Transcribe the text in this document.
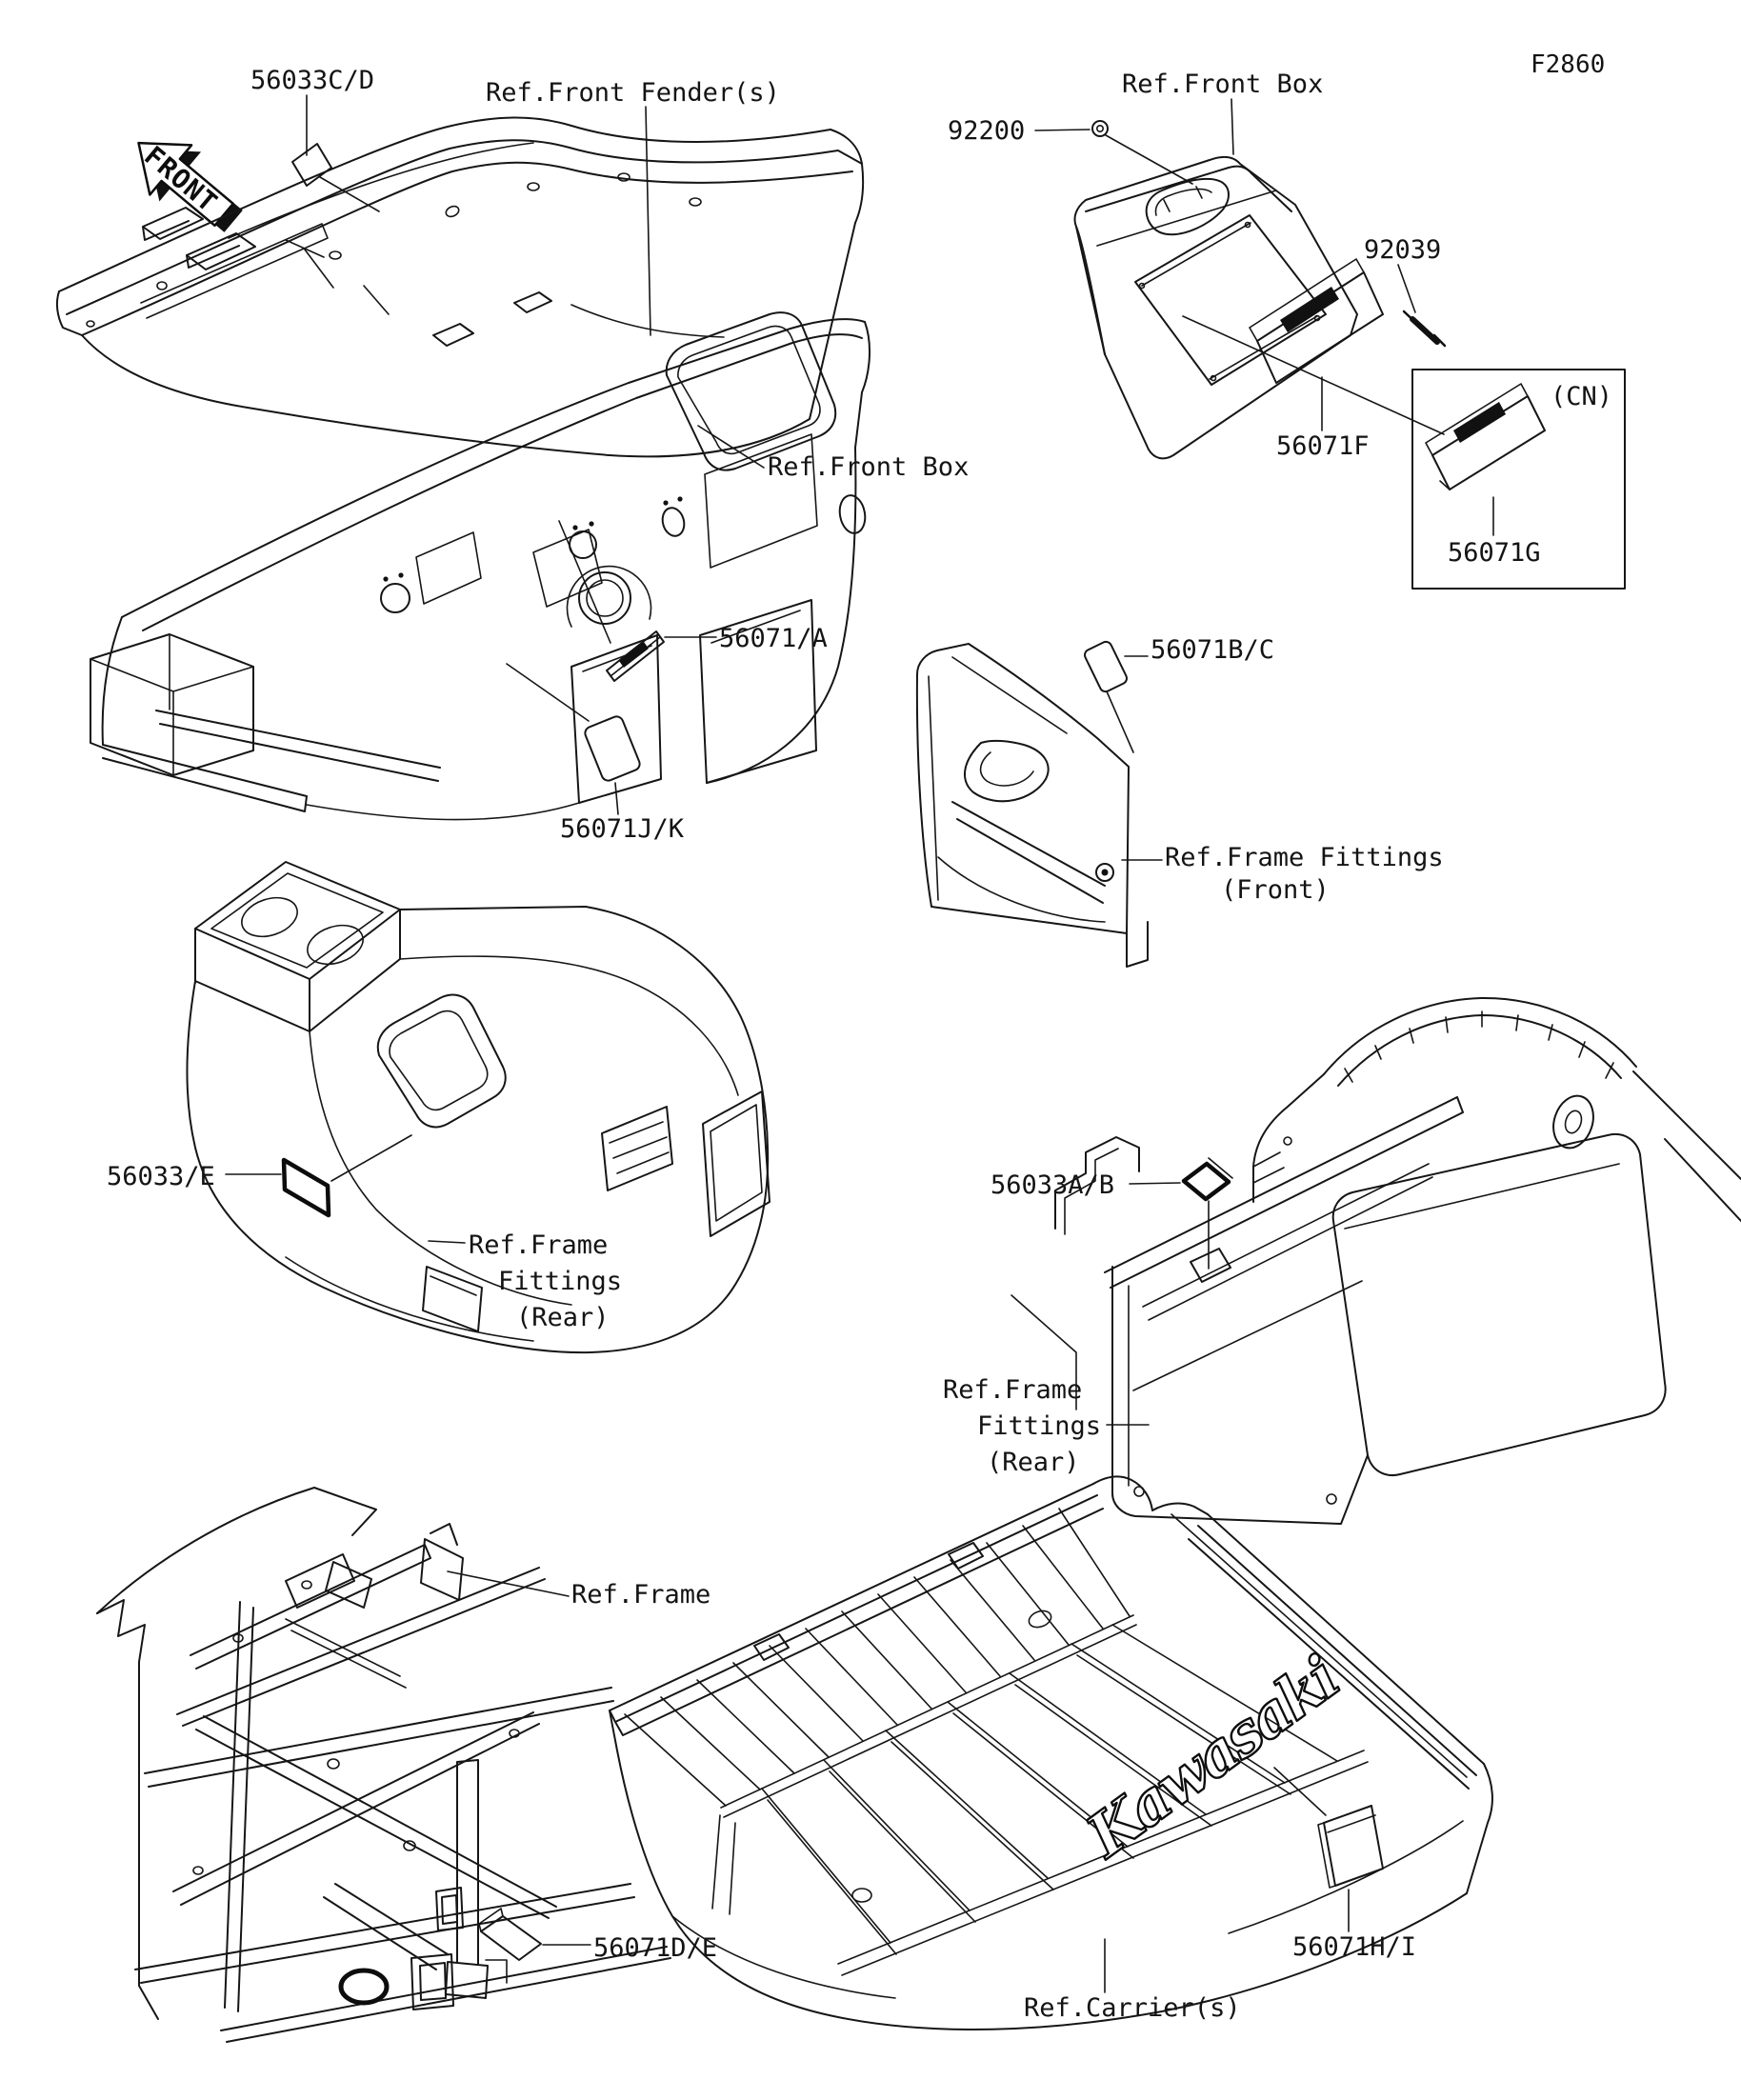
FRONT
F2860
56033C/D	Ref.Front Fender(s)	Ref.Front Box
92200
92039
56071F
(CN)
56071G
Ref.Front Box
56071/A
56071J/K
56071B/C
Ref.Frame Fittings
(Front)
56033/E
Ref.Frame
Fittings
(Rear)
56033A/B
Ref.Frame
Fittings
(Rear)
Ref.Frame
56071D/E
Kawasaki
56071H/I
Ref.Carrier(s)
